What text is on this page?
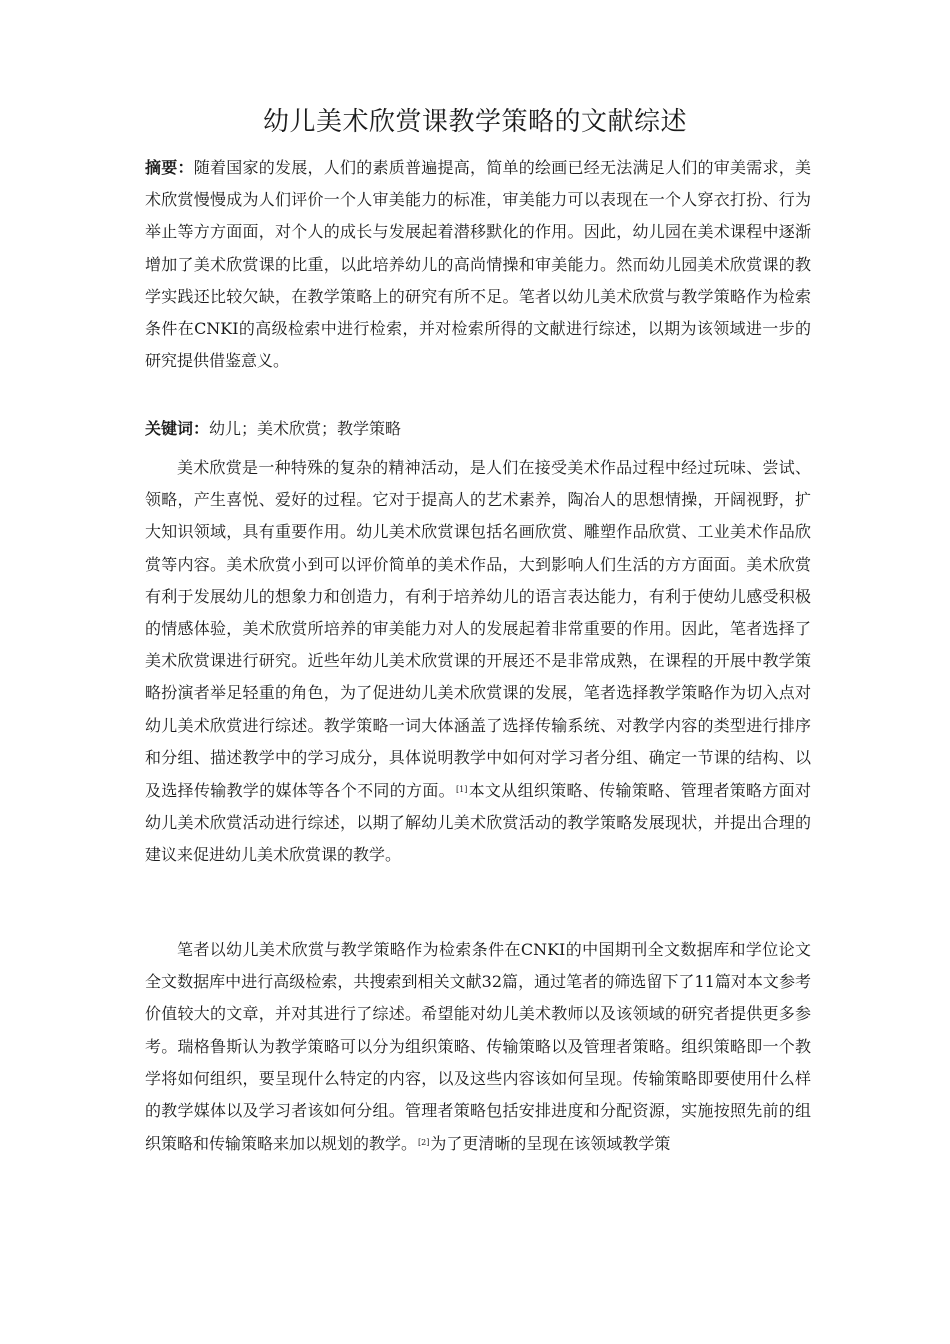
幼儿美术欣赏课教学策略的文献综述
摘要：随着国家的发展，人们的素质普遍提高，简单的绘画已经无法满足人们的审美需求，美术欣赏慢慢成为人们评价一个人审美能力的标准，审美能力可以表现在一个人穿衣打扮、行为举止等方方面面，对个人的成长与发展起着潜移默化的作用。因此，幼儿园在美术课程中逐渐增加了美术欣赏课的比重，以此培养幼儿的高尚情操和审美能力。然而幼儿园美术欣赏课的教学实践还比较欠缺，在教学策略上的研究有所不足。笔者以幼儿美术欣赏与教学策略作为检索条件在CNKI的高级检索中进行检索，并对检索所得的文献进行综述，以期为该领域进一步的研究提供借鉴意义。
关键词：幼儿；美术欣赏；教学策略
美术欣赏是一种特殊的复杂的精神活动，是人们在接受美术作品过程中经过玩味、尝试、领略，产生喜悦、爱好的过程。它对于提高人的艺术素养，陶冶人的思想情操，开阔视野，扩大知识领域，具有重要作用。幼儿美术欣赏课包括名画欣赏、雕塑作品欣赏、工业美术作品欣赏等内容。美术欣赏小到可以评价简单的美术作品，大到影响人们生活的方方面面。美术欣赏有利于发展幼儿的想象力和创造力，有利于培养幼儿的语言表达能力，有利于使幼儿感受积极的情感体验，美术欣赏所培养的审美能力对人的发展起着非常重要的作用。因此，笔者选择了美术欣赏课进行研究。近些年幼儿美术欣赏课的开展还不是非常成熟，在课程的开展中教学策略扮演者举足轻重的角色，为了促进幼儿美术欣赏课的发展，笔者选择教学策略作为切入点对幼儿美术欣赏进行综述。教学策略一词大体涵盖了选择传输系统、对教学内容的类型进行排序和分组、描述教学中的学习成分，具体说明教学中如何对学习者分组、确定一节课的结构、以及选择传输教学的媒体等各个不同的方面。[1]本文从组织策略、传输策略、管理者策略方面对幼儿美术欣赏活动进行综述，以期了解幼儿美术欣赏活动的教学策略发展现状，并提出合理的建议来促进幼儿美术欣赏课的教学。
笔者以幼儿美术欣赏与教学策略作为检索条件在CNKI的中国期刊全文数据库和学位论文全文数据库中进行高级检索，共搜索到相关文献32篇，通过笔者的筛选留下了11篇对本文参考价值较大的文章，并对其进行了综述。希望能对幼儿美术教师以及该领域的研究者提供更多参考。瑞格鲁斯认为教学策略可以分为组织策略、传输策略以及管理者策略。组织策略即一个教学将如何组织，要呈现什么特定的内容，以及这些内容该如何呈现。传输策略即要使用什么样的教学媒体以及学习者该如何分组。管理者策略包括安排进度和分配资源，实施按照先前的组织策略和传输策略来加以规划的教学。[2]为了更清晰的呈现在该领域教学策
